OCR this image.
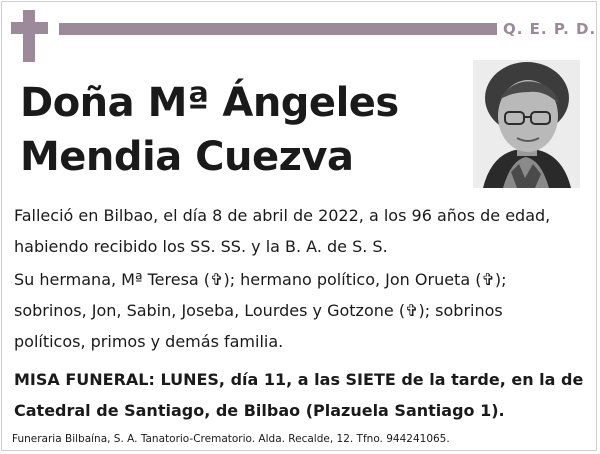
Q. E. P. D.
Doña Mª Ángeles
Mendia Cuezva
Falleció en Bilbao, el día 8 de abril de 2022, a los 96 años de edad,
habiendo recibido los SS. SS. y la B. A. de S. S.
Su hermana, Mª Teresa (✞); hermano político, Jon Orueta (✞);
sobrinos, Jon, Sabin, Joseba, Lourdes y Gotzone (✞); sobrinos
políticos, primos y demás familia.
MISA FUNERAL: LUNES, día 11, a las SIETE de la tarde, en la de
Catedral de Santiago, de Bilbao (Plazuela Santiago 1).
Funeraria Bilbaína, S. A. Tanatorio-Crematorio. Alda. Recalde, 12. Tfno. 944241065.
